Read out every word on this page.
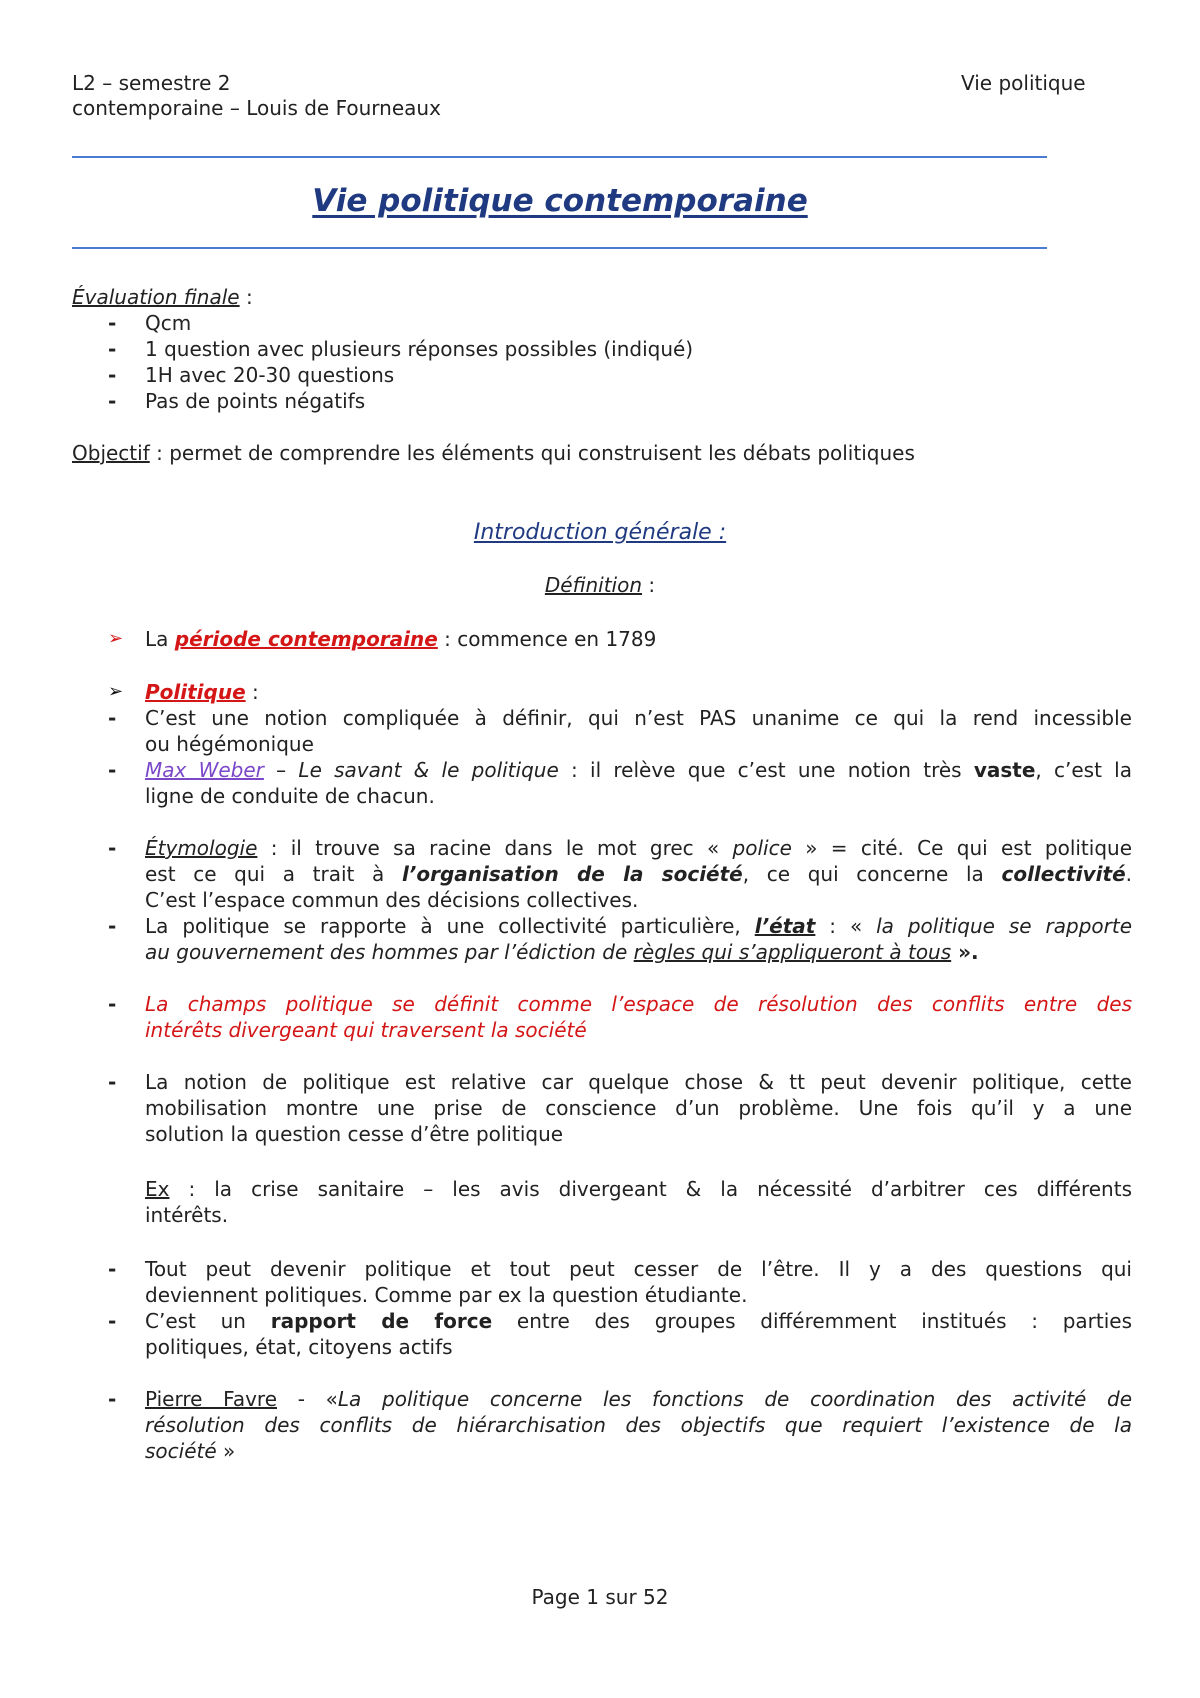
L2 – semestre 2	Vie politique
contemporaine – Louis de Fourneaux
Vie politique contemporaine
Évaluation finale :
-	Qcm
-	1 question avec plusieurs réponses possibles (indiqué)
-	1H avec 20-30 questions
-	Pas de points négatifs
Objectif : permet de comprendre les éléments qui construisent les débats politiques
Introduction générale :
Définition :
➢ La période contemporaine : commence en 1789
➢ Politique :
-	C’est une notion compliquée à définir, qui n’est PAS unanime ce qui la rend incessible
ou hégémonique
-	Max Weber – Le savant & le politique : il relève que c’est une notion très vaste, c’est la
ligne de conduite de chacun.
-	Étymologie : il trouve sa racine dans le mot grec « police » = cité. Ce qui est politique
est ce qui a trait à l’organisation de la société, ce qui concerne la collectivité.
C’est l’espace commun des décisions collectives.
-	La politique se rapporte à une collectivité particulière, l’état : « la politique se rapporte
au gouvernement des hommes par l’édiction de règles qui s’appliqueront à tous ».
-	La champs politique se définit comme l’espace de résolution des conflits entre des
intérêts divergeant qui traversent la société
-	La notion de politique est relative car quelque chose & tt peut devenir politique, cette
mobilisation montre une prise de conscience d’un problème. Une fois qu’il y a une
solution la question cesse d’être politique
Ex : la crise sanitaire – les avis divergeant & la nécessité d’arbitrer ces différents
intérêts.
-	Tout peut devenir politique et tout peut cesser de l’être. Il y a des questions qui
deviennent politiques. Comme par ex la question étudiante.
-	C’est un rapport de force entre des groupes différemment institués : parties
politiques, état, citoyens actifs
-	Pierre Favre - «La politique concerne les fonctions de coordination des activité de
résolution des conflits de hiérarchisation des objectifs que requiert l’existence de la
société »
Page 1 sur 52
